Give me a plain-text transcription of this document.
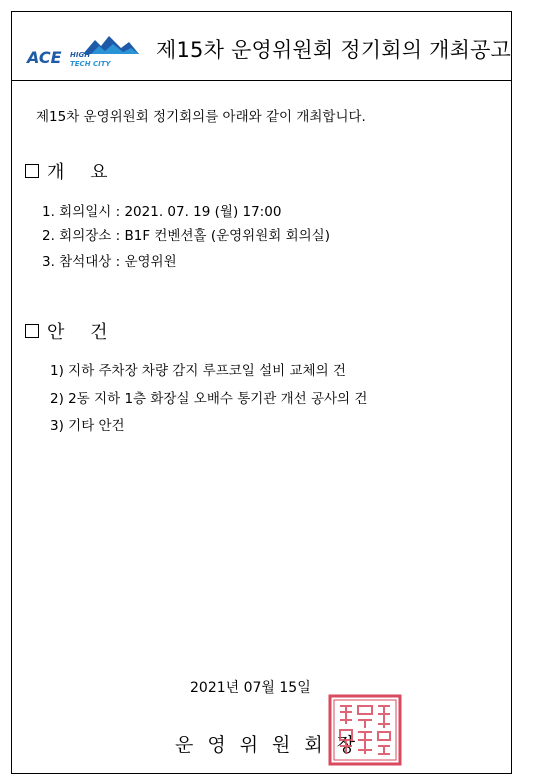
ACE HIGH
TECH CITY
제15차 운영위원회 정기회의 개최공고
제15차 운영위원회 정기회의를 아래와 같이 개최합니다.
개 요
1. 회의일시 : 2021. 07. 19 (월) 17:00
2. 회의장소 : B1F 컨벤션홀 (운영위원회 회의실)
3. 참석대상 : 운영위원
안 건
1) 지하 주차장 차량 감지 루프코일 설비 교체의 건
2) 2동 지하 1층 화장실 오배수 통기관 개선 공사의 건
3) 기타 안건
2021년 07월 15일
운영위원회장
